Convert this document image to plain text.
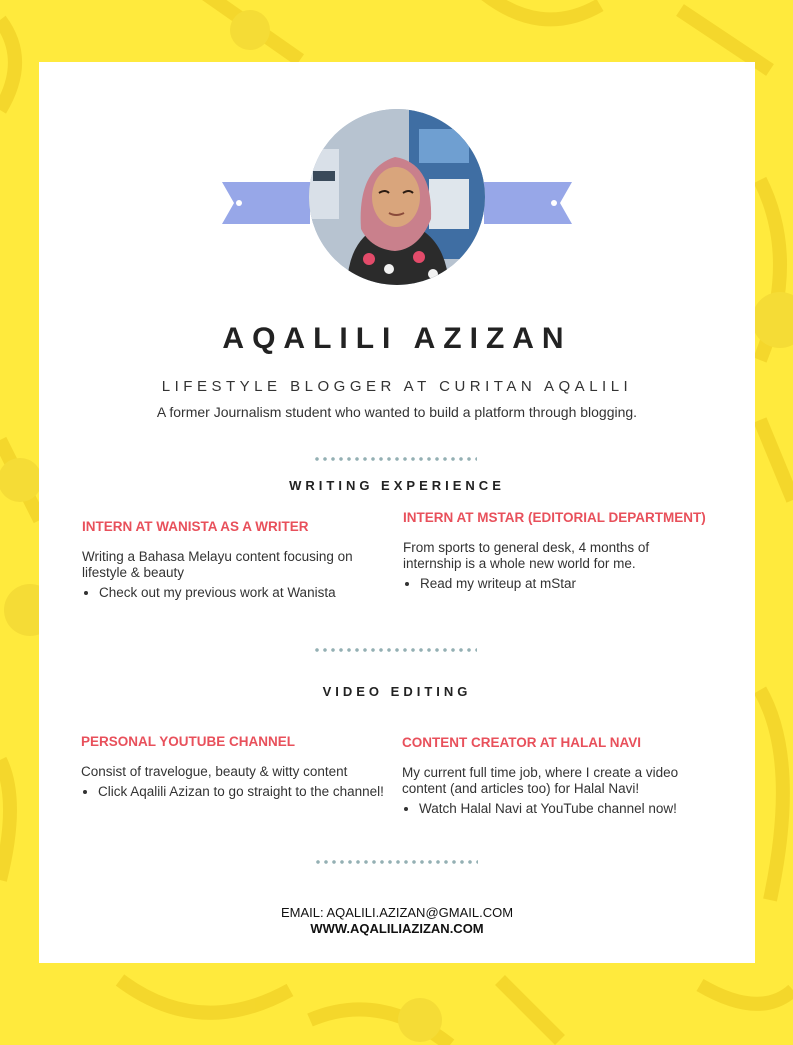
AQALILI AZIZAN
LIFESTYLE BLOGGER AT CURITAN AQALILI
A former Journalism student who wanted to build a platform through blogging.
WRITING EXPERIENCE
INTERN AT WANISTA AS A WRITER

Writing a Bahasa Melayu content focusing on lifestyle & beauty

• Check out my previous work at Wanista
INTERN AT MSTAR (EDITORIAL DEPARTMENT)

From sports to general desk, 4 months of internship is a whole new world for me.

• Read my writeup at mStar
VIDEO EDITING
PERSONAL YOUTUBE CHANNEL

Consist of travelogue, beauty & witty content

• Click Aqalili Azizan to go straight to the channel!
CONTENT CREATOR AT HALAL NAVI

My current full time job, where I create a video content (and articles too) for Halal Navi!

• Watch Halal Navi at YouTube channel now!
EMAIL: AQALILI.AZIZAN@GMAIL.COM
WWW.AQALILIAZIZAN.COM
